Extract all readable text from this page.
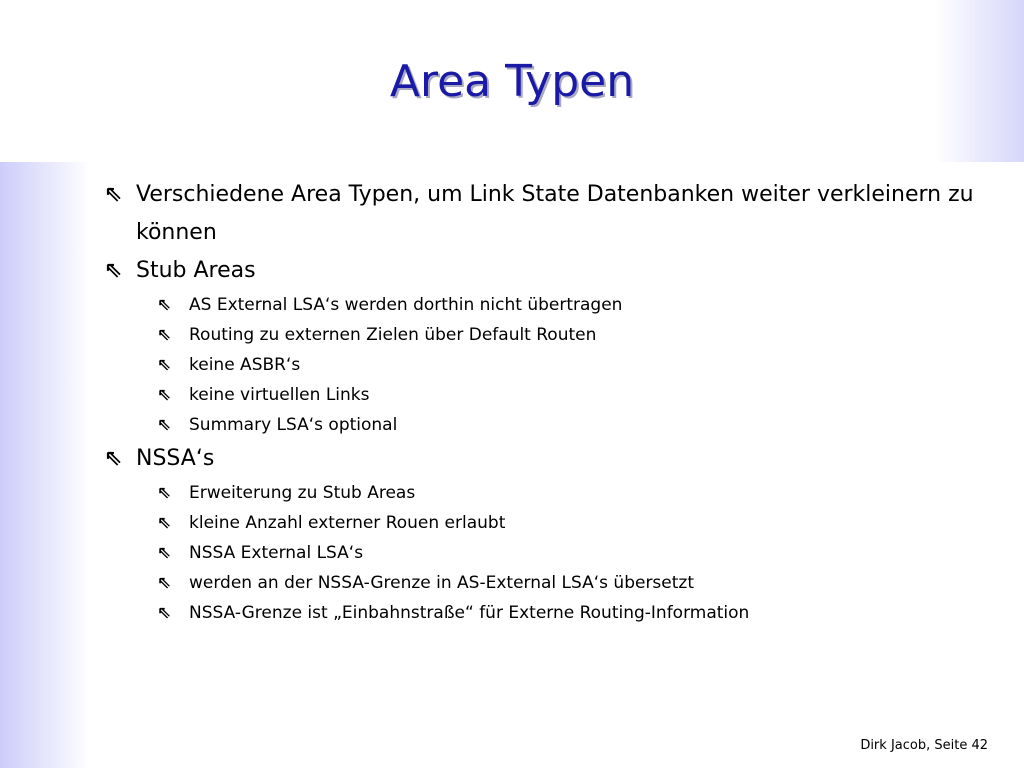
Area Typen
⇖ Verschiedene Area Typen, um Link State Datenbanken weiter verkleinern zu können
⇖ Stub Areas
⇖ AS External LSA‘s werden dorthin nicht übertragen
⇖ Routing zu externen Zielen über Default Routen
⇖ keine ASBR‘s
⇖ keine virtuellen Links
⇖ Summary LSA‘s optional
⇖ NSSA‘s
⇖ Erweiterung zu Stub Areas
⇖ kleine Anzahl externer Rouen erlaubt
⇖ NSSA External LSA‘s
⇖ werden an der NSSA-Grenze in AS-External LSA‘s übersetzt
⇖ NSSA-Grenze ist „Einbahnstraße“ für Externe Routing-Information
Dirk Jacob, Seite 42
